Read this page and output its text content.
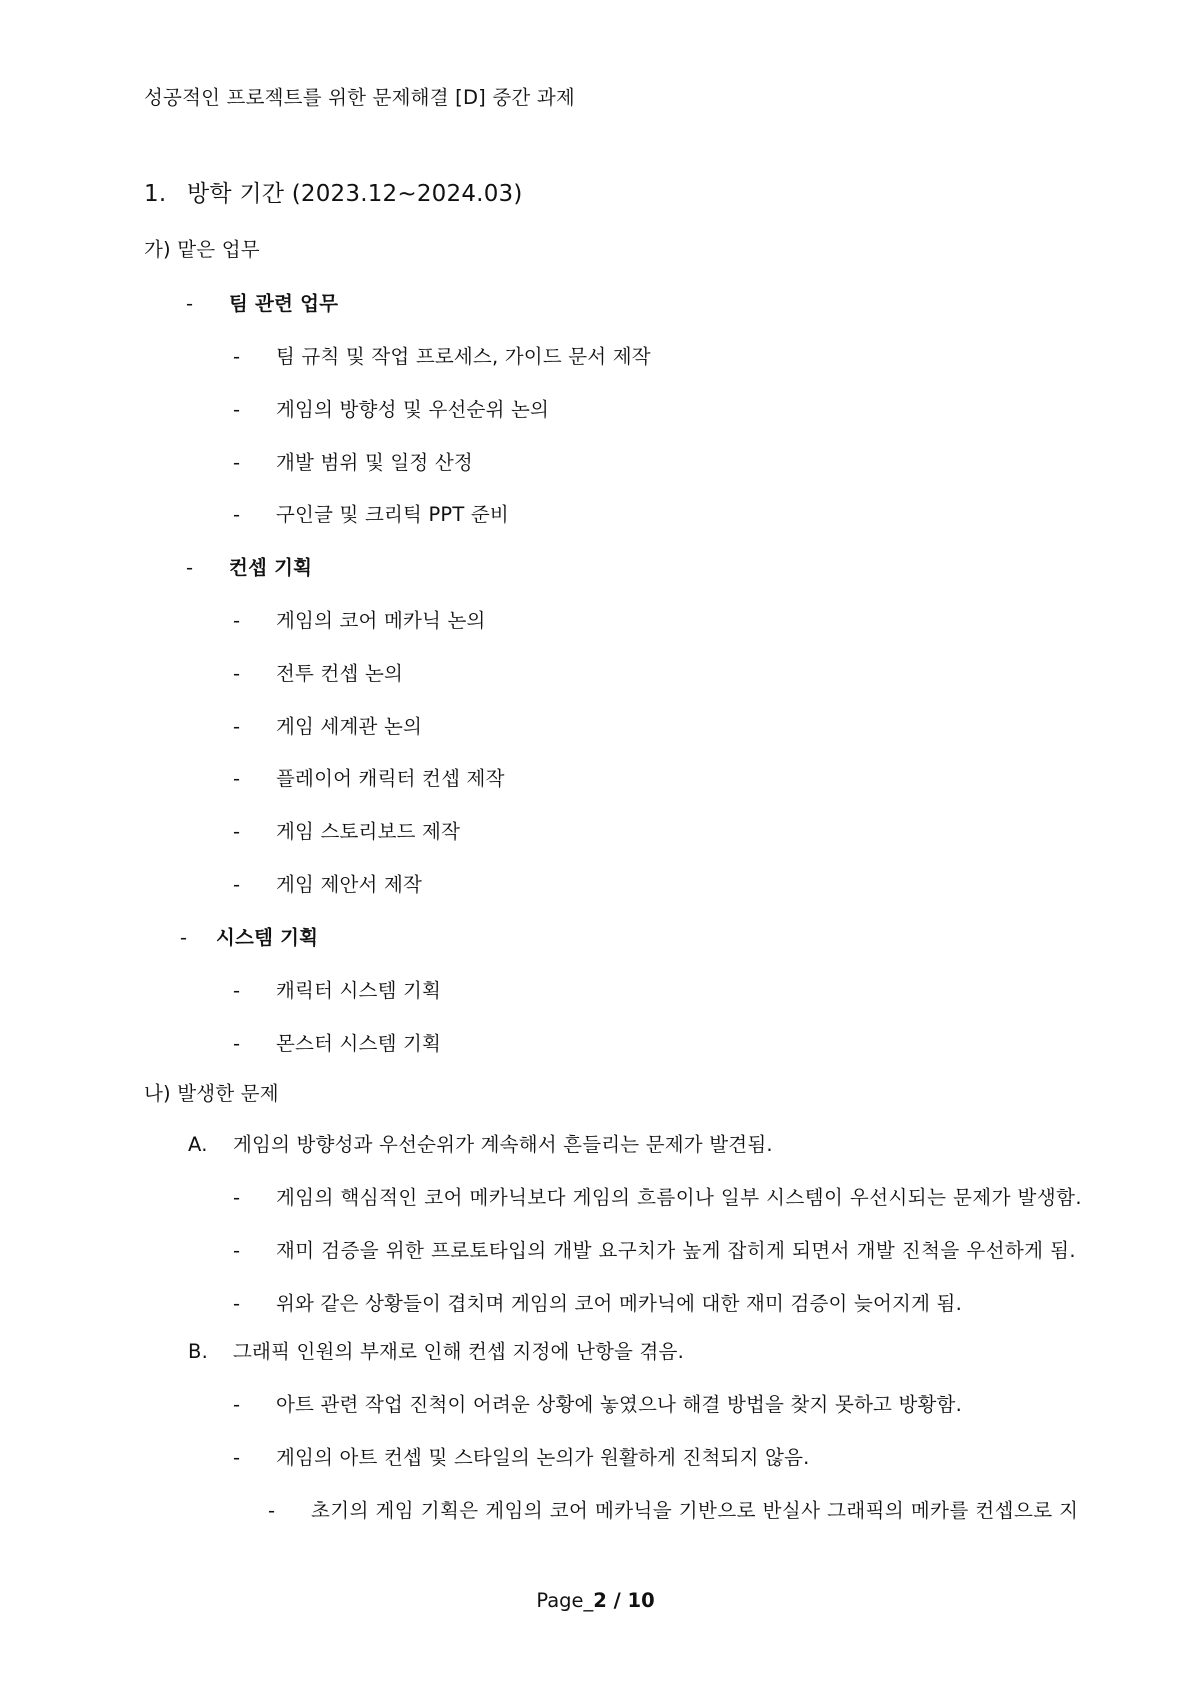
성공적인 프로젝트를 위한 문제해결 [D] 중간 과제
1. 방학 기간 (2023.12~2024.03)
가) 맡은 업무
- 팀 관련 업무
- 팀 규칙 및 작업 프로세스, 가이드 문서 제작
- 게임의 방향성 및 우선순위 논의
- 개발 범위 및 일정 산정
- 구인글 및 크리틱 PPT 준비
- 컨셉 기획
- 게임의 코어 메카닉 논의
- 전투 컨셉 논의
- 게임 세계관 논의
- 플레이어 캐릭터 컨셉 제작
- 게임 스토리보드 제작
- 게임 제안서 제작
- 시스템 기획
- 캐릭터 시스템 기획
- 몬스터 시스템 기획
나) 발생한 문제
A. 게임의 방향성과 우선순위가 계속해서 흔들리는 문제가 발견됨.
- 게임의 핵심적인 코어 메카닉보다 게임의 흐름이나 일부 시스템이 우선시되는 문제가 발생함.
- 재미 검증을 위한 프로토타입의 개발 요구치가 높게 잡히게 되면서 개발 진척을 우선하게 됨.
- 위와 같은 상황들이 겹치며 게임의 코어 메카닉에 대한 재미 검증이 늦어지게 됨.
B. 그래픽 인원의 부재로 인해 컨셉 지정에 난항을 겪음.
- 아트 관련 작업 진척이 어려운 상황에 놓였으나 해결 방법을 찾지 못하고 방황함.
- 게임의 아트 컨셉 및 스타일의 논의가 원활하게 진척되지 않음.
- 초기의 게임 기획은 게임의 코어 메카닉을 기반으로 반실사 그래픽의 메카를 컨셉으로 지
Page_2 / 10
